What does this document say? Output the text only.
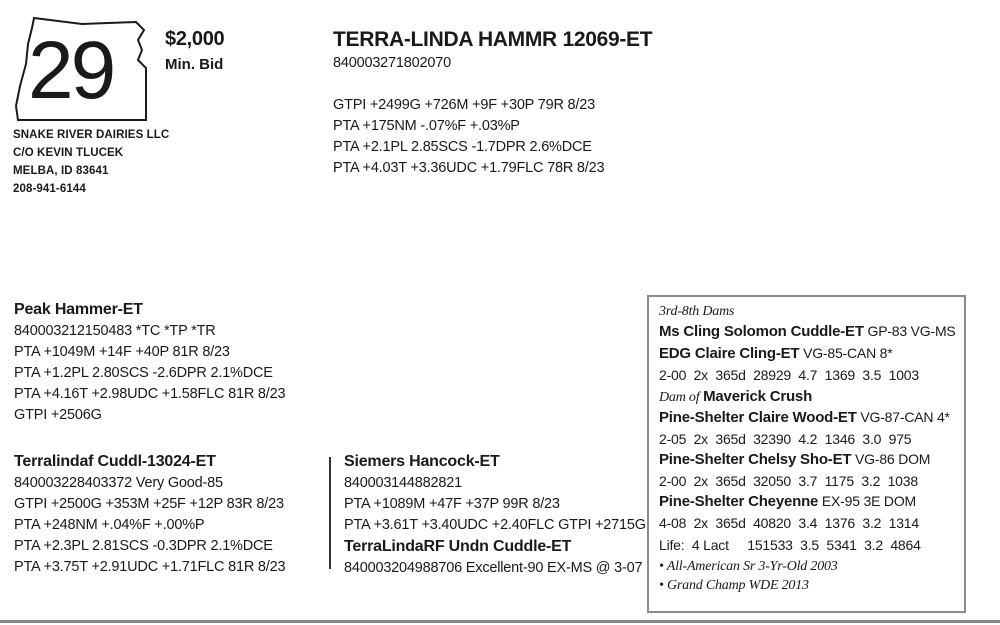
29	$2,000
Min. Bid
SNAKE RIVER DAIRIES LLC
C/O KEVIN TLUCEK
MELBA, ID 83641
208-941-6144
TERRA-LINDA HAMMR 12069-ET
840003271802070
GTPI +2499G +726M +9F +30P 79R 8/23
PTA +175NM -.07%F +.03%P
PTA +2.1PL 2.85SCS -1.7DPR 2.6%DCE
PTA +4.03T +3.36UDC +1.79FLC 78R 8/23
Peak Hammer-ET
840003212150483 *TC *TP *TR
PTA +1049M +14F +40P 81R 8/23
PTA +1.2PL 2.80SCS -2.6DPR 2.1%DCE
PTA +4.16T +2.98UDC +1.58FLC 81R 8/23
GTPI +2506G
Terralindaf Cuddl-13024-ET
840003228403372 Very Good-85
GTPI +2500G +353M +25F +12P 83R 8/23
PTA +248NM +.04%F +.00%P
PTA +2.3PL 2.81SCS -0.3DPR 2.1%DCE
PTA +3.75T +2.91UDC +1.71FLC 81R 8/23
Siemers Hancock-ET
840003144882821
PTA +1089M +47F +37P 99R 8/23
PTA +3.61T +3.40UDC +2.40FLC GTPI +2715G
TerraLindaRF Undn Cuddle-ET
840003204988706 Excellent-90 EX-MS @ 3-07
3rd-8th Dams
Ms Cling Solomon Cuddle-ET GP-83 VG-MS
EDG Claire Cling-ET VG-85-CAN 8*
2-00  2x  365d  28929  4.7  1369  3.5  1003
Dam of Maverick Crush
Pine-Shelter Claire Wood-ET VG-87-CAN 4*
2-05  2x  365d  32390  4.2  1346  3.0  975
Pine-Shelter Chelsy Sho-ET VG-86 DOM
2-00  2x  365d  32050  3.7  1175  3.2  1038
Pine-Shelter Cheyenne EX-95 3E DOM
4-08  2x  365d  40820  3.4  1376  3.2  1314
Life:  4 Lact     151533  3.5  5341  3.2  4864
• All-American Sr 3-Yr-Old 2003
• Grand Champ WDE 2013
